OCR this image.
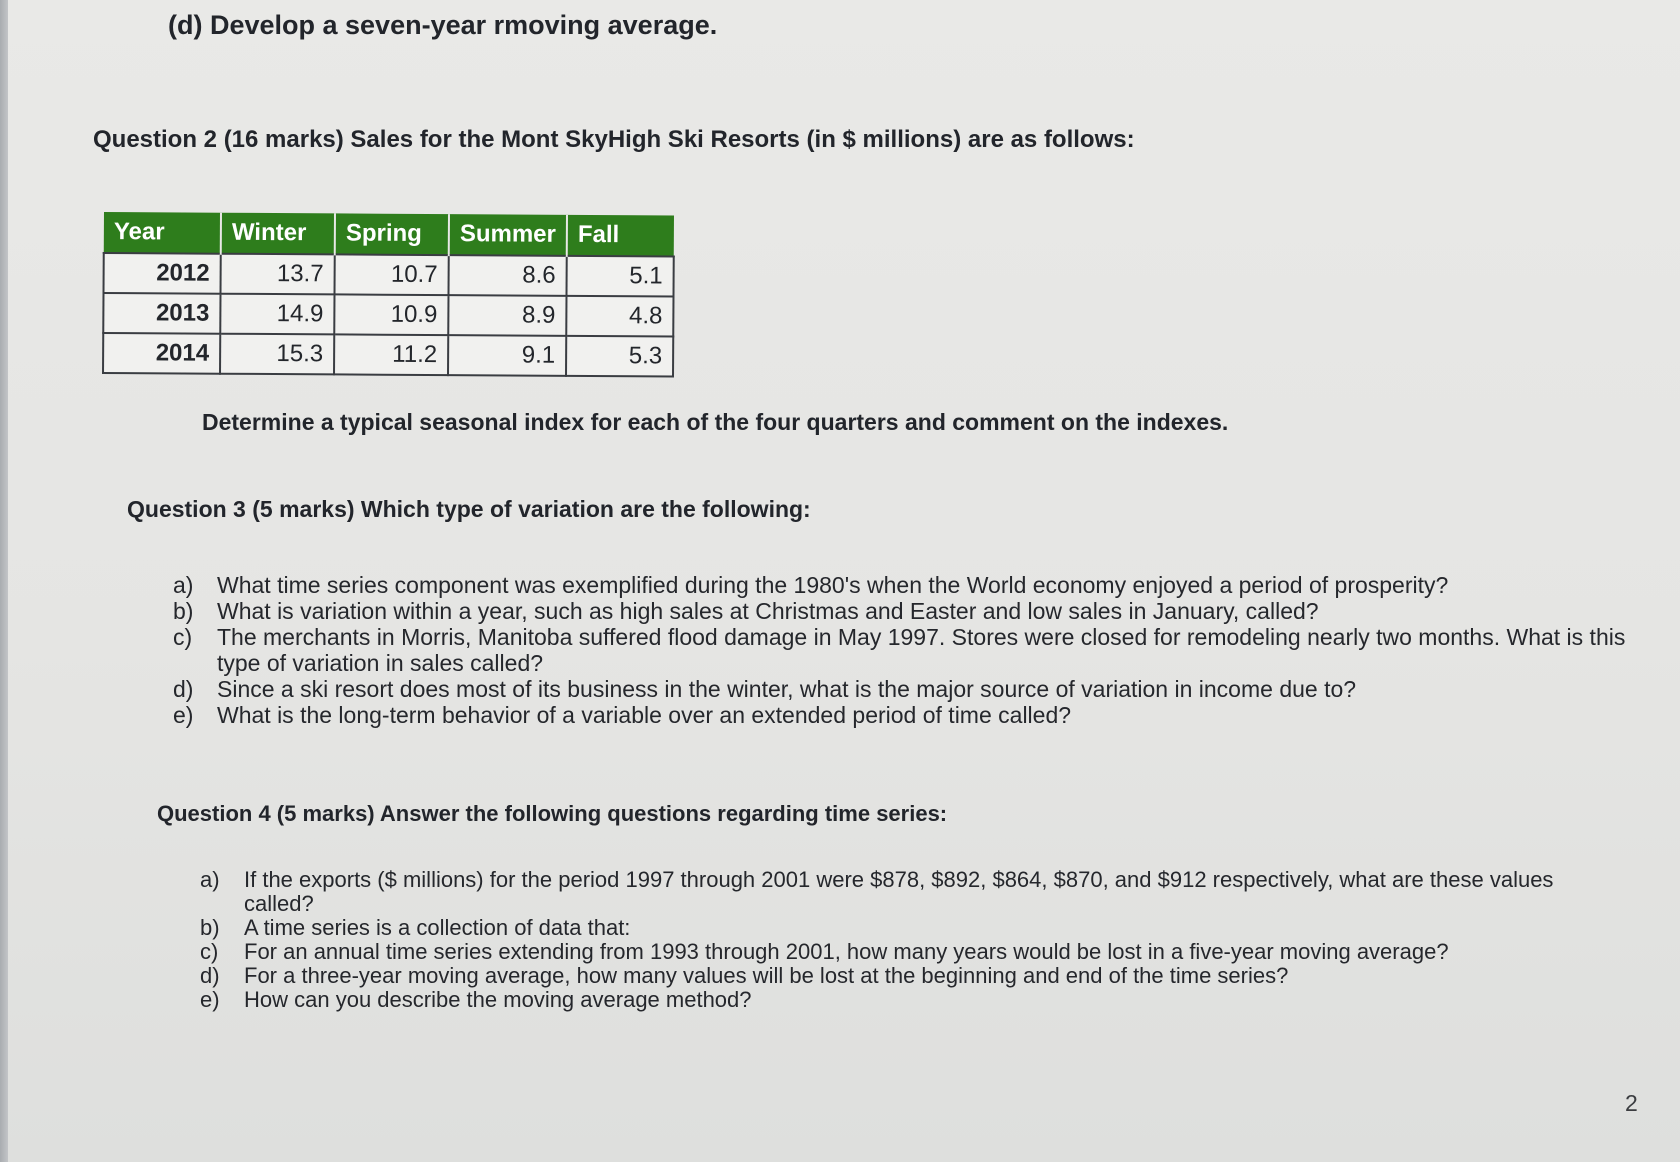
(d) Develop a seven-year rmoving average.
Question 2 (16 marks) Sales for the Mont SkyHigh Ski Resorts (in $ millions) are as follows:
Year	Winter	Spring	Summer	Fall
2012	13.7	10.7	8.6	5.1
2013	14.9	10.9	8.9	4.8
2014	15.3	11.2	9.1	5.3
Determine a typical seasonal index for each of the four quarters and comment on the indexes.
Question 3 (5 marks) Which type of variation are the following:
a) What time series component was exemplified during the 1980's when the World economy enjoyed a period of prosperity?
b) What is variation within a year, such as high sales at Christmas and Easter and low sales in January, called?
c) The merchants in Morris, Manitoba suffered flood damage in May 1997. Stores were closed for remodeling nearly two months. What is this type of variation in sales called?
d) Since a ski resort does most of its business in the winter, what is the major source of variation in income due to?
e) What is the long-term behavior of a variable over an extended period of time called?
Question 4 (5 marks) Answer the following questions regarding time series:
a) If the exports ($ millions) for the period 1997 through 2001 were $878, $892, $864, $870, and $912 respectively, what are these values called?
b) A time series is a collection of data that:
c) For an annual time series extending from 1993 through 2001, how many years would be lost in a five-year moving average?
d) For a three-year moving average, how many values will be lost at the beginning and end of the time series?
e) How can you describe the moving average method?
2
